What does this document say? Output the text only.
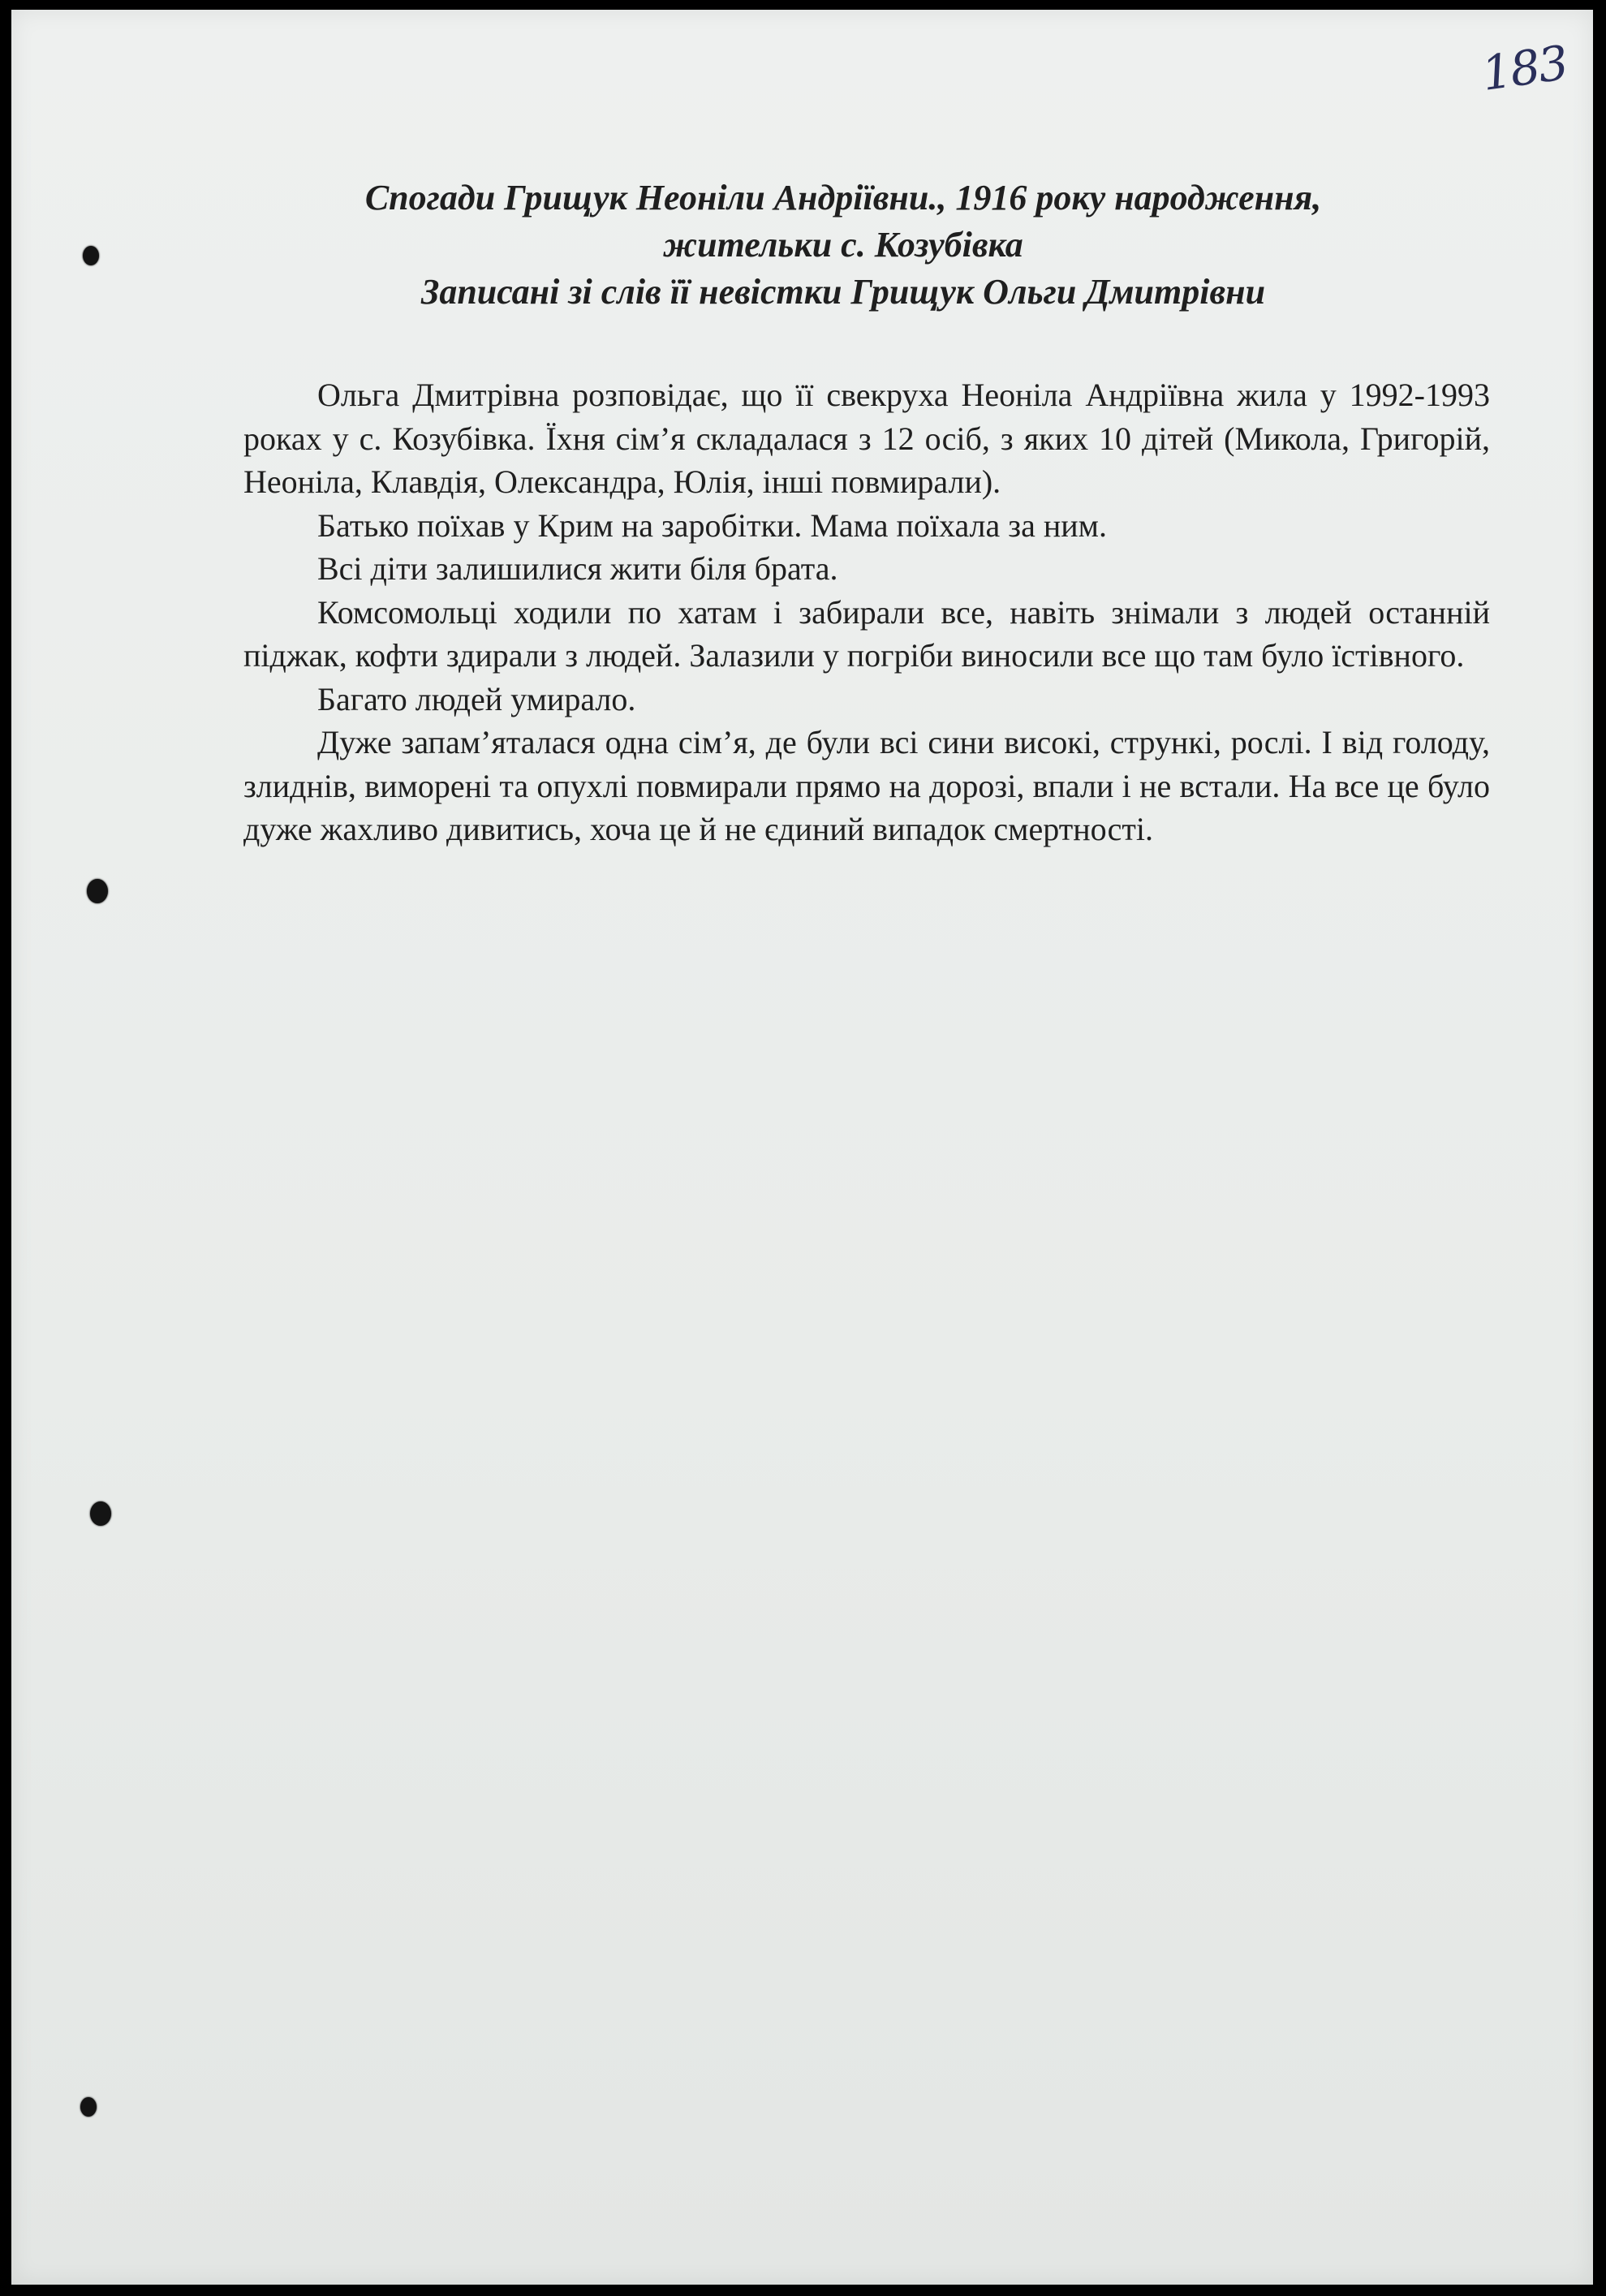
183
Спогади Грищук Неоніли Андріївни., 1916 року народження,
жительки с. Козубівка
Записані зі слів її невістки Грищук Ольги Дмитрівни

Ольга Дмитрівна розповідає, що її свекруха Неоніла Андріївна жила у 1992-1993 роках у с. Козубівка. Їхня сім’я складалася з 12 осіб, з яких 10 дітей (Микола, Григорій, Неоніла, Клавдія, Олександра, Юлія, інші повмирали).

Батько поїхав у Крим на заробітки. Мама поїхала за ним.

Всі діти залишилися жити біля брата.

Комсомольці ходили по хатам і забирали все, навіть знімали з людей останній піджак, кофти здирали з людей. Залазили у погріби виносили все що там було їстівного.

Багато людей умирало.

Дуже запам’яталася одна сім’я, де були всі сини високі, стрункі, рослі. І від голоду, злиднів, виморені та опухлі повмирали прямо на дорозі, впали і не встали. На все це було дуже жахливо дивитись, хоча це й не єдиний випадок смертності.
